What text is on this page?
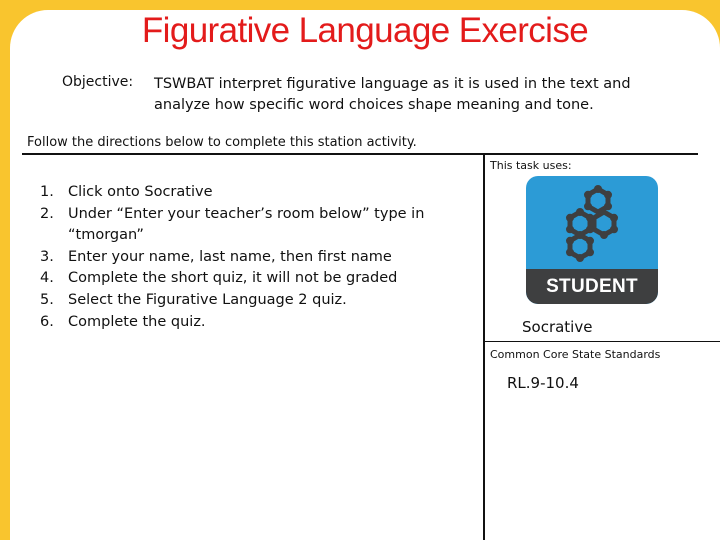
Figurative Language Exercise
Objective: TSWBAT interpret figurative language as it is used in the text and analyze how specific word choices shape meaning and tone.
Follow the directions below to complete this station activity.
1. Click onto Socrative
2. Under “Enter your teacher’s room below” type in “tmorgan”
3. Enter your name, last name, then first name
4. Complete the short quiz, it will not be graded
5. Select the Figurative Language 2 quiz.
6. Complete the quiz.
This task uses:
STUDENT
Socrative
Common Core State Standards
RL.9-10.4
